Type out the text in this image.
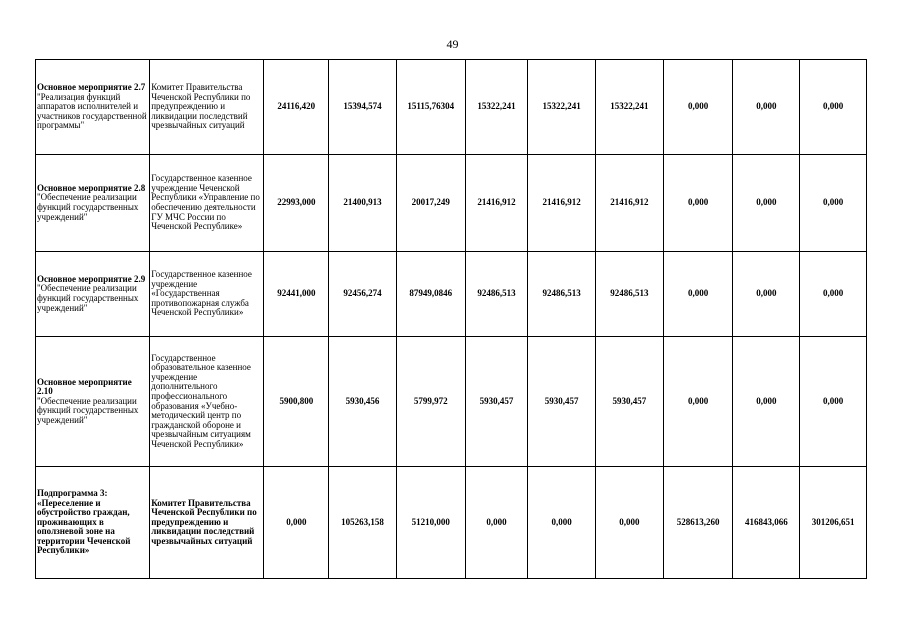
49
Основное мероприятие 2.7
"Реализация функций аппаратов исполнителей и участников государственной программы"	Комитет Правительства Чеченской Республики по предупреждению и ликвидации последствий чрезвычайных ситуаций	24116,420	15394,574	15115,76304	15322,241	15322,241	15322,241	0,000	0,000	0,000

Основное мероприятие 2.8
"Обеспечение реализации функций государственных учреждений"	Государственное казенное учреждение Чеченской Республики «Управление по обеспечению деятельности ГУ МЧС России по Чеченской Республике»	22993,000	21400,913	20017,249	21416,912	21416,912	21416,912	0,000	0,000	0,000

Основное мероприятие 2.9
"Обеспечение реализации функций государственных учреждений"	Государственное казенное учреждение «Государственная противопожарная служба Чеченской Республики»	92441,000	92456,274	87949,0846	92486,513	92486,513	92486,513	0,000	0,000	0,000

Основное мероприятие 2.10
"Обеспечение реализации функций государственных учреждений"	Государственное образовательное казенное учреждение дополнительного профессионального образования «Учебно-методический центр по гражданской обороне и чрезвычайным ситуациям Чеченской Республики»	5900,800	5930,456	5799,972	5930,457	5930,457	5930,457	0,000	0,000	0,000

Подпрограмма 3: «Переселение и обустройство граждан, проживающих в оползневой зоне на территории Чеченской Республики»	Комитет Правительства Чеченской Республики по предупреждению и ликвидации последствий чрезвычайных ситуаций	0,000	105263,158	51210,000	0,000	0,000	0,000	528613,260	416843,066	301206,651
